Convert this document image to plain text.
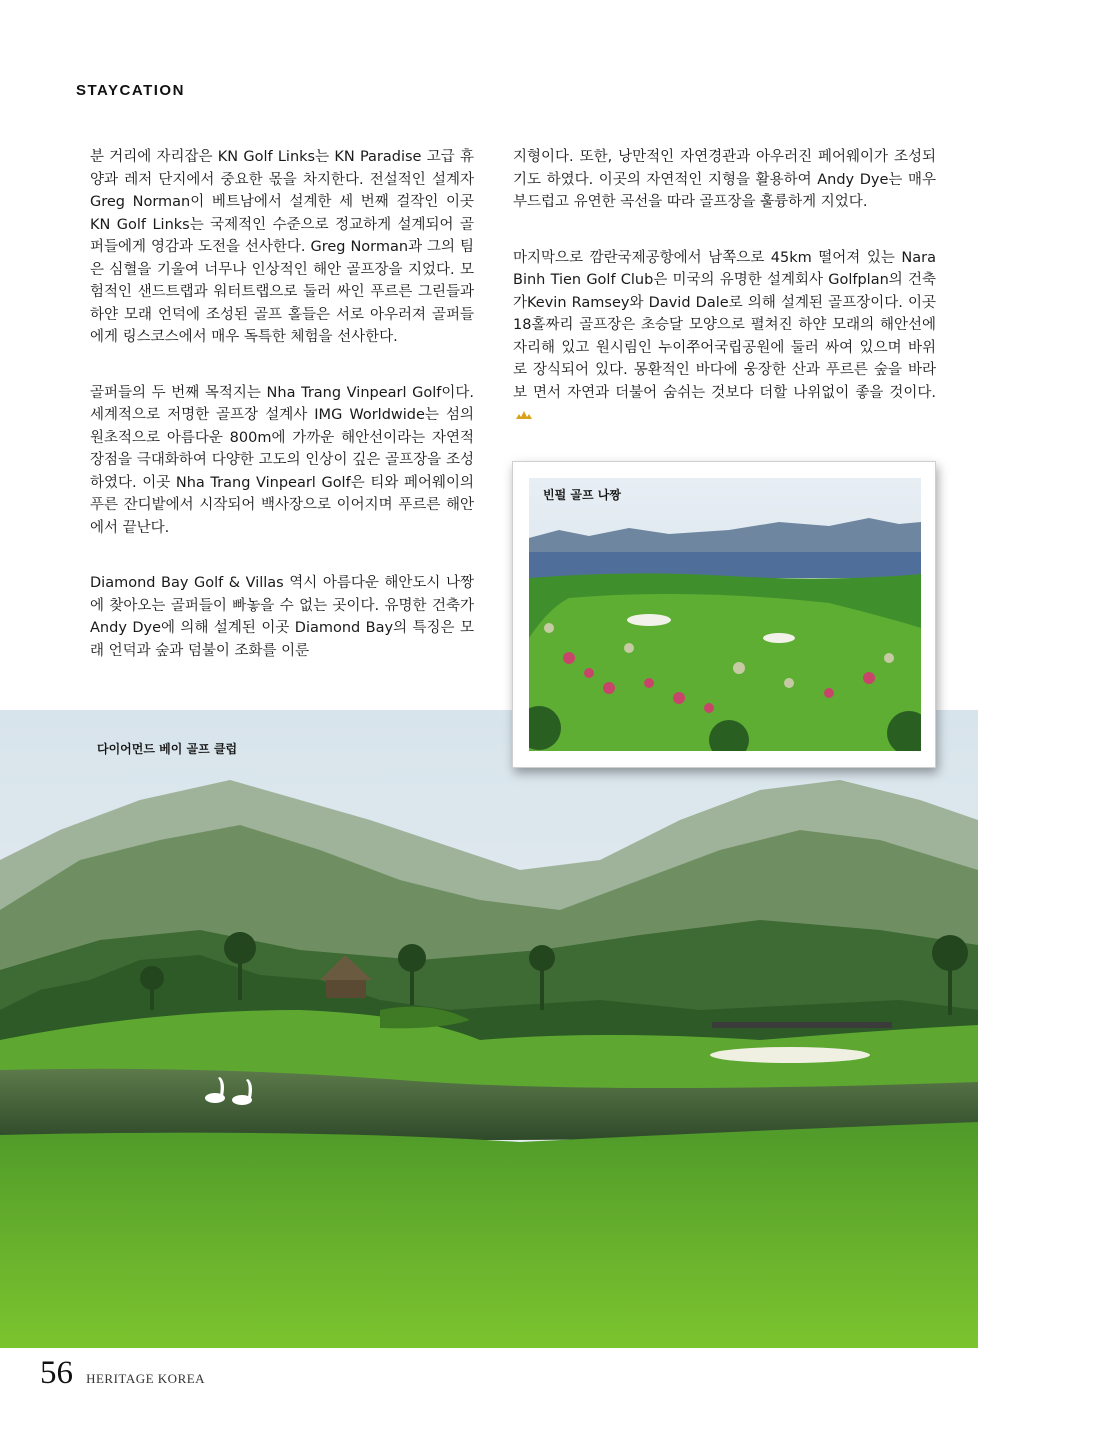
STAYCATION

분 거리에 자리잡은 KN Golf Links는 KN Paradise 고급 휴양과 레저 단지에서 중요한 몫을 차지한다. 전설적인 설계자 Greg Norman이 베트남에서 설계한 세 번째 걸작인 이곳 KN Golf Links는 국제적인 수준으로 정교하게 설계되어 골퍼들에게 영감과 도전을 선사한다. Greg Norman과 그의 팀은 심혈을 기울여 너무나 인상적인 해안 골프장을 지었다. 모험적인 샌드트랩과 워터트랩으로 둘러 싸인 푸르른 그린들과 하얀 모래 언덕에 조성된 골프 홀들은 서로 아우러져 골퍼들에게 링스코스에서 매우 독특한 체험을 선사한다.

골퍼들의 두 번째 목적지는 Nha Trang Vinpearl Golf이다. 세계적으로 저명한 골프장 설계사 IMG Worldwide는 섬의 원초적으로 아름다운 800m에 가까운 해안선이라는 자연적 장점을 극대화하여 다양한 고도의 인상이 깊은 골프장을 조성하였다. 이곳 Nha Trang Vinpearl Golf은 티와 페어웨이의 푸른 잔디밭에서 시작되어 백사장으로 이어지며 푸르른 해안에서 끝난다.

Diamond Bay Golf & Villas 역시 아름다운 해안도시 나짱에 찾아오는 골퍼들이 빠놓을 수 없는 곳이다. 유명한 건축가 Andy Dye에 의해 설계된 이곳 Diamond Bay의 특징은 모래 언덕과 숲과 덤불이 조화를 이룬

지형이다. 또한, 낭만적인 자연경관과 아우러진 페어웨이가 조성되기도 하였다. 이곳의 자연적인 지형을 활용하여 Andy Dye는 매우 부드럽고 유연한 곡선을 따라 골프장을 훌륭하게 지었다.

마지막으로 깜란국제공항에서 남쪽으로 45km 떨어져 있는 Nara Binh Tien Golf Club은 미국의 유명한 설계회사 Golfplan의 건축가Kevin Ramsey와 David Dale로 의해 설계된 골프장이다. 이곳 18홀짜리 골프장은 초승달 모양으로 펼쳐진 하얀 모래의 해안선에 자리해 있고 원시림인 누이쭈어국립공원에 둘러 싸여 있으며 바위로 장식되어 있다. 몽환적인 바다에 웅장한 산과 푸르른 숲을 바라 보 면서 자연과 더불어 숨쉬는 것보다 더할 나위없이 좋을 것이다.

다이어먼드 베이 골프 클럽
빈펄 골프 나짱
56 HERITAGE KOREA
